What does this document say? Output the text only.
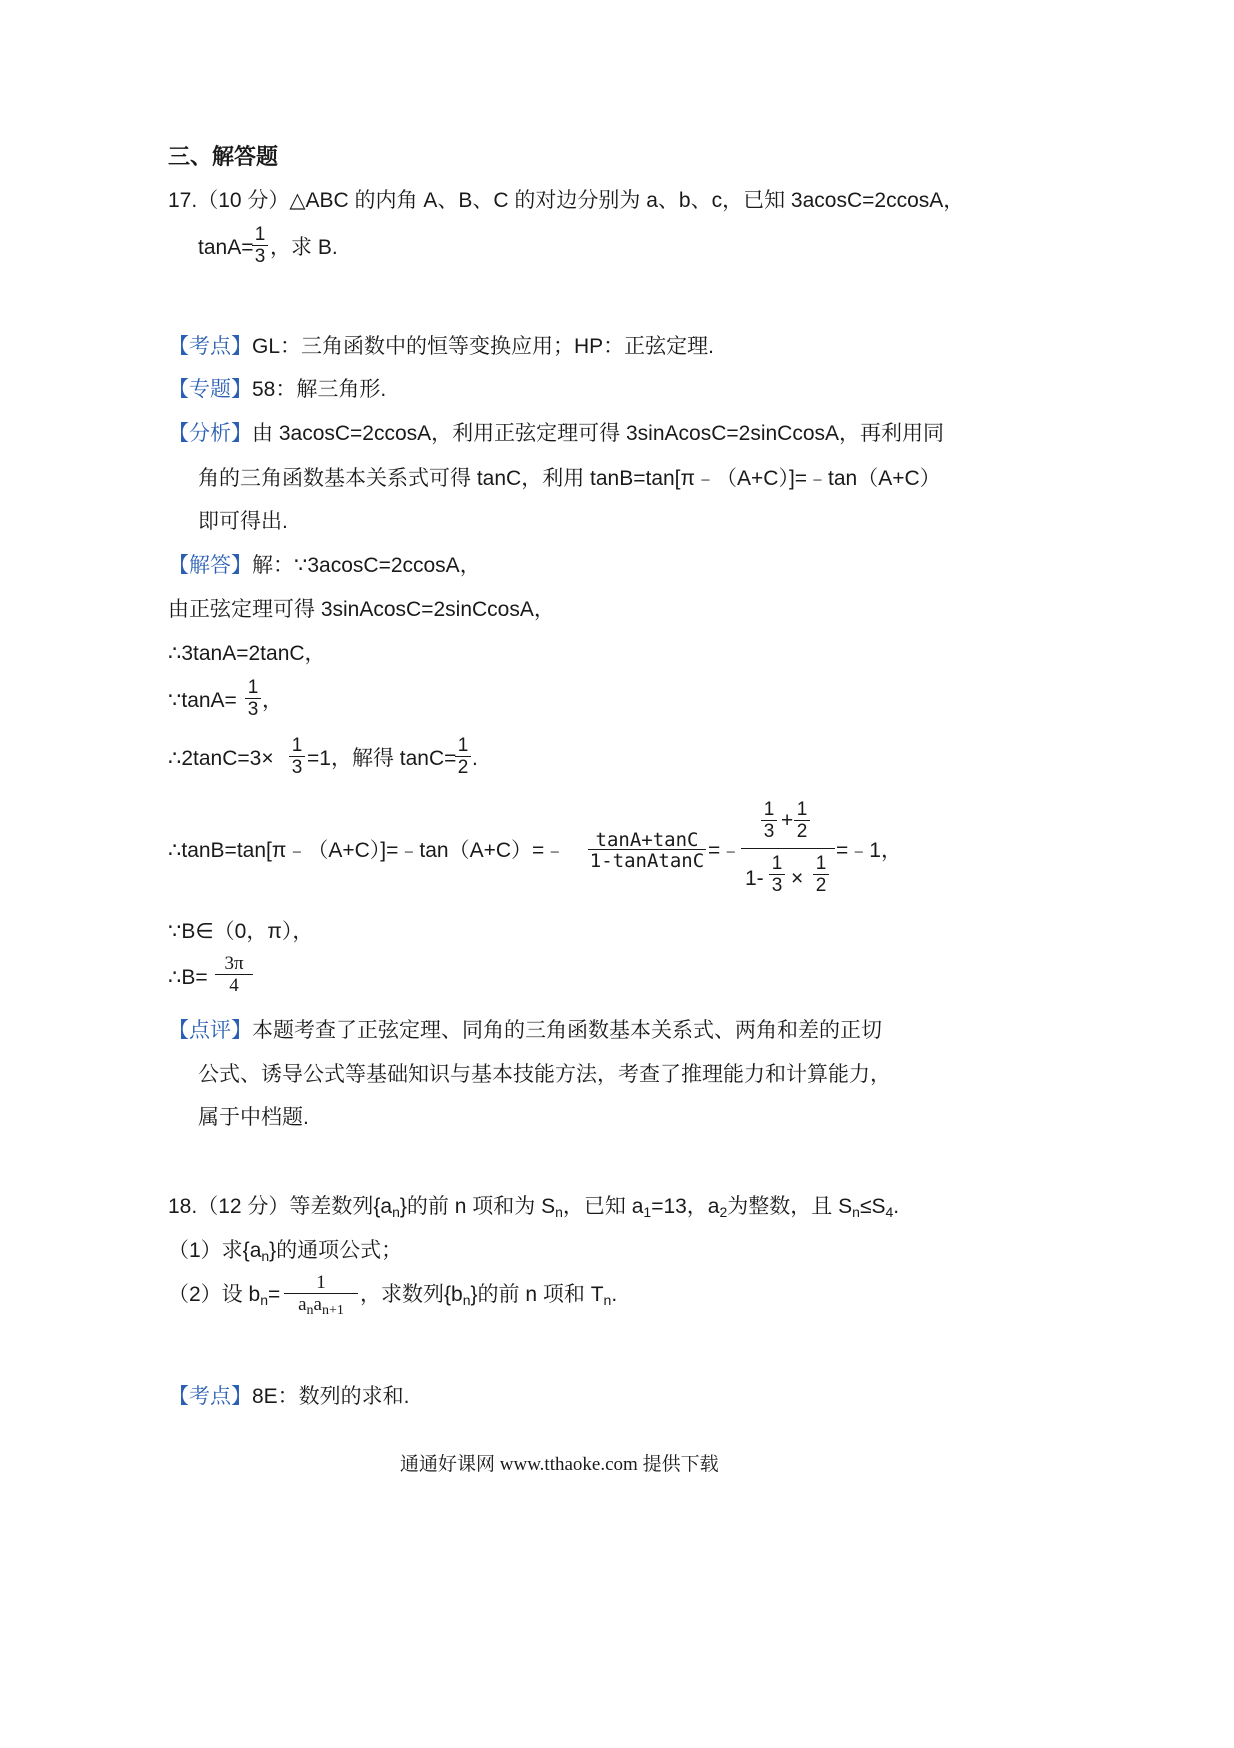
三、解答题
17.（10 分）△ABC 的内角 A、B、C 的对边分别为 a、b、c，已知 3acosC=2ccosA，
tanA=
1
3 ，求 B.
【考点】GL：三角函数中的恒等变换应用；HP：正弦定理.
【专题】58：解三角形.
【分析】由 3acosC=2ccosA，利用正弦定理可得 3sinAcosC=2sinCcosA，再利用同
角的三角函数基本关系式可得 tanC，利用 tanB=tan[π﹣（A+C）]=﹣tan（A+C）
即可得出.
【解答】解：∵3acosC=2ccosA，
由正弦定理可得 3sinAcosC=2sinCcosA，
∴3tanA=2tanC，
∵tanA=
1
3 ，
∴2tanC=3×
1
3 =1，解得 tanC=
1
2 .
∴tanB=tan[π﹣（A+C）]=﹣tan（A+C）=﹣	tanA+tanC
1-tanAtanC =﹣
1
3 + 1
2
1-
1
3 ×
1
2
=﹣1，
∵B∈（0，π），
∴B=
3π
4
【点评】本题考查了正弦定理、同角的三角函数基本关系式、两角和差的正切
公式、诱导公式等基础知识与基本技能方法，考查了推理能力和计算能力，
属于中档题.
18.（12 分）等差数列$\{a_n\}$的前 n 项和为 $S_n$，已知 $a_1=13$，$a_2$为整数，且 $S_n\le S_4$.
（1）求$\{a_n\}$的通项公式；
（2）设 $b_n=$
1
$a_na_{n+1}$
，求数列$\{b_n\}$的前 n 项和 $T_n$.
【考点】8E：数列的求和.
通通好课网 www.tthaoke.com 提供下载
